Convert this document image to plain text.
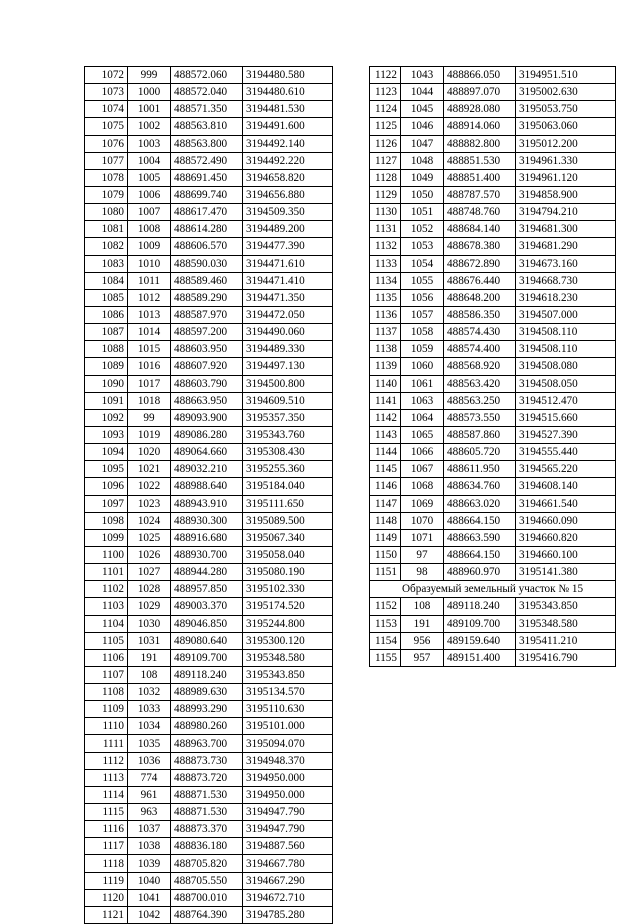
1072	999	488572.060	3194480.580
1073	1000	488572.040	3194480.610
1074	1001	488571.350	3194481.530
1075	1002	488563.810	3194491.600
1076	1003	488563.800	3194492.140
1077	1004	488572.490	3194492.220
1078	1005	488691.450	3194658.820
1079	1006	488699.740	3194656.880
1080	1007	488617.470	3194509.350
1081	1008	488614.280	3194489.200
1082	1009	488606.570	3194477.390
1083	1010	488590.030	3194471.610
1084	1011	488589.460	3194471.410
1085	1012	488589.290	3194471.350
1086	1013	488587.970	3194472.050
1087	1014	488597.200	3194490.060
1088	1015	488603.950	3194489.330
1089	1016	488607.920	3194497.130
1090	1017	488603.790	3194500.800
1091	1018	488663.950	3194609.510
1092	99	489093.900	3195357.350
1093	1019	489086.280	3195343.760
1094	1020	489064.660	3195308.430
1095	1021	489032.210	3195255.360
1096	1022	488988.640	3195184.040
1097	1023	488943.910	3195111.650
1098	1024	488930.300	3195089.500
1099	1025	488916.680	3195067.340
1100	1026	488930.700	3195058.040
1101	1027	488944.280	3195080.190
1102	1028	488957.850	3195102.330
1103	1029	489003.370	3195174.520
1104	1030	489046.850	3195244.800
1105	1031	489080.640	3195300.120
1106	191	489109.700	3195348.580
1107	108	489118.240	3195343.850
1108	1032	488989.630	3195134.570
1109	1033	488993.290	3195110.630
1110	1034	488980.260	3195101.000
1111	1035	488963.700	3195094.070
1112	1036	488873.730	3194948.370
1113	774	488873.720	3194950.000
1114	961	488871.530	3194950.000
1115	963	488871.530	3194947.790
1116	1037	488873.370	3194947.790
1117	1038	488836.180	3194887.560
1118	1039	488705.820	3194667.780
1119	1040	488705.550	3194667.290
1120	1041	488700.010	3194672.710
1121	1042	488764.390	3194785.280
1122	1043	488866.050	3194951.510
1123	1044	488897.070	3195002.630
1124	1045	488928.080	3195053.750
1125	1046	488914.060	3195063.060
1126	1047	488882.800	3195012.200
1127	1048	488851.530	3194961.330
1128	1049	488851.400	3194961.120
1129	1050	488787.570	3194858.900
1130	1051	488748.760	3194794.210
1131	1052	488684.140	3194681.300
1132	1053	488678.380	3194681.290
1133	1054	488672.890	3194673.160
1134	1055	488676.440	3194668.730
1135	1056	488648.200	3194618.230
1136	1057	488586.350	3194507.000
1137	1058	488574.430	3194508.110
1138	1059	488574.400	3194508.110
1139	1060	488568.920	3194508.080
1140	1061	488563.420	3194508.050
1141	1063	488563.250	3194512.470
1142	1064	488573.550	3194515.660
1143	1065	488587.860	3194527.390
1144	1066	488605.720	3194555.440
1145	1067	488611.950	3194565.220
1146	1068	488634.760	3194608.140
1147	1069	488663.020	3194661.540
1148	1070	488664.150	3194660.090
1149	1071	488663.590	3194660.820
1150	97	488664.150	3194660.100
1151	98	488960.970	3195141.380
Образуемый земельный участок № 15			
1152	108	489118.240	3195343.850
1153	191	489109.700	3195348.580
1154	956	489159.640	3195411.210
1155	957	489151.400	3195416.790
